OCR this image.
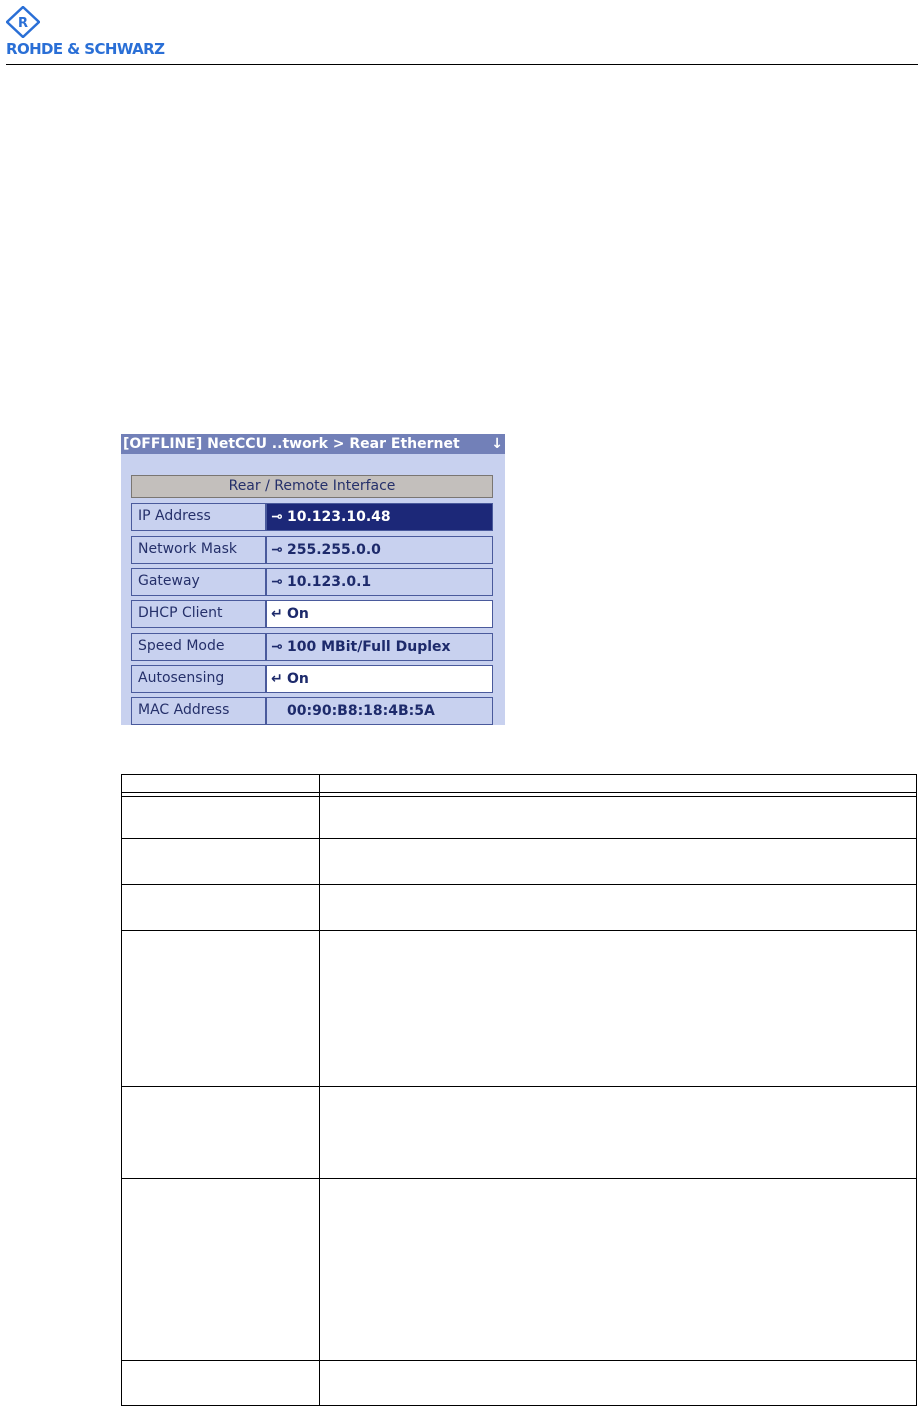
R
ROHDE & SCHWARZ
[OFFLINE] NetCCU ..twork > Rear Ethernet ↓
Rear / Remote Interface
IP Address	⊸ 10.123.10.48
Network Mask	⊸ 255.255.0.0
Gateway	⊸ 10.123.0.1
DHCP Client	↵ On
Speed Mode	⊸ 100 MBit/Full Duplex
Autosensing	↵ On
MAC Address	00:90:B8:18:4B:5A
